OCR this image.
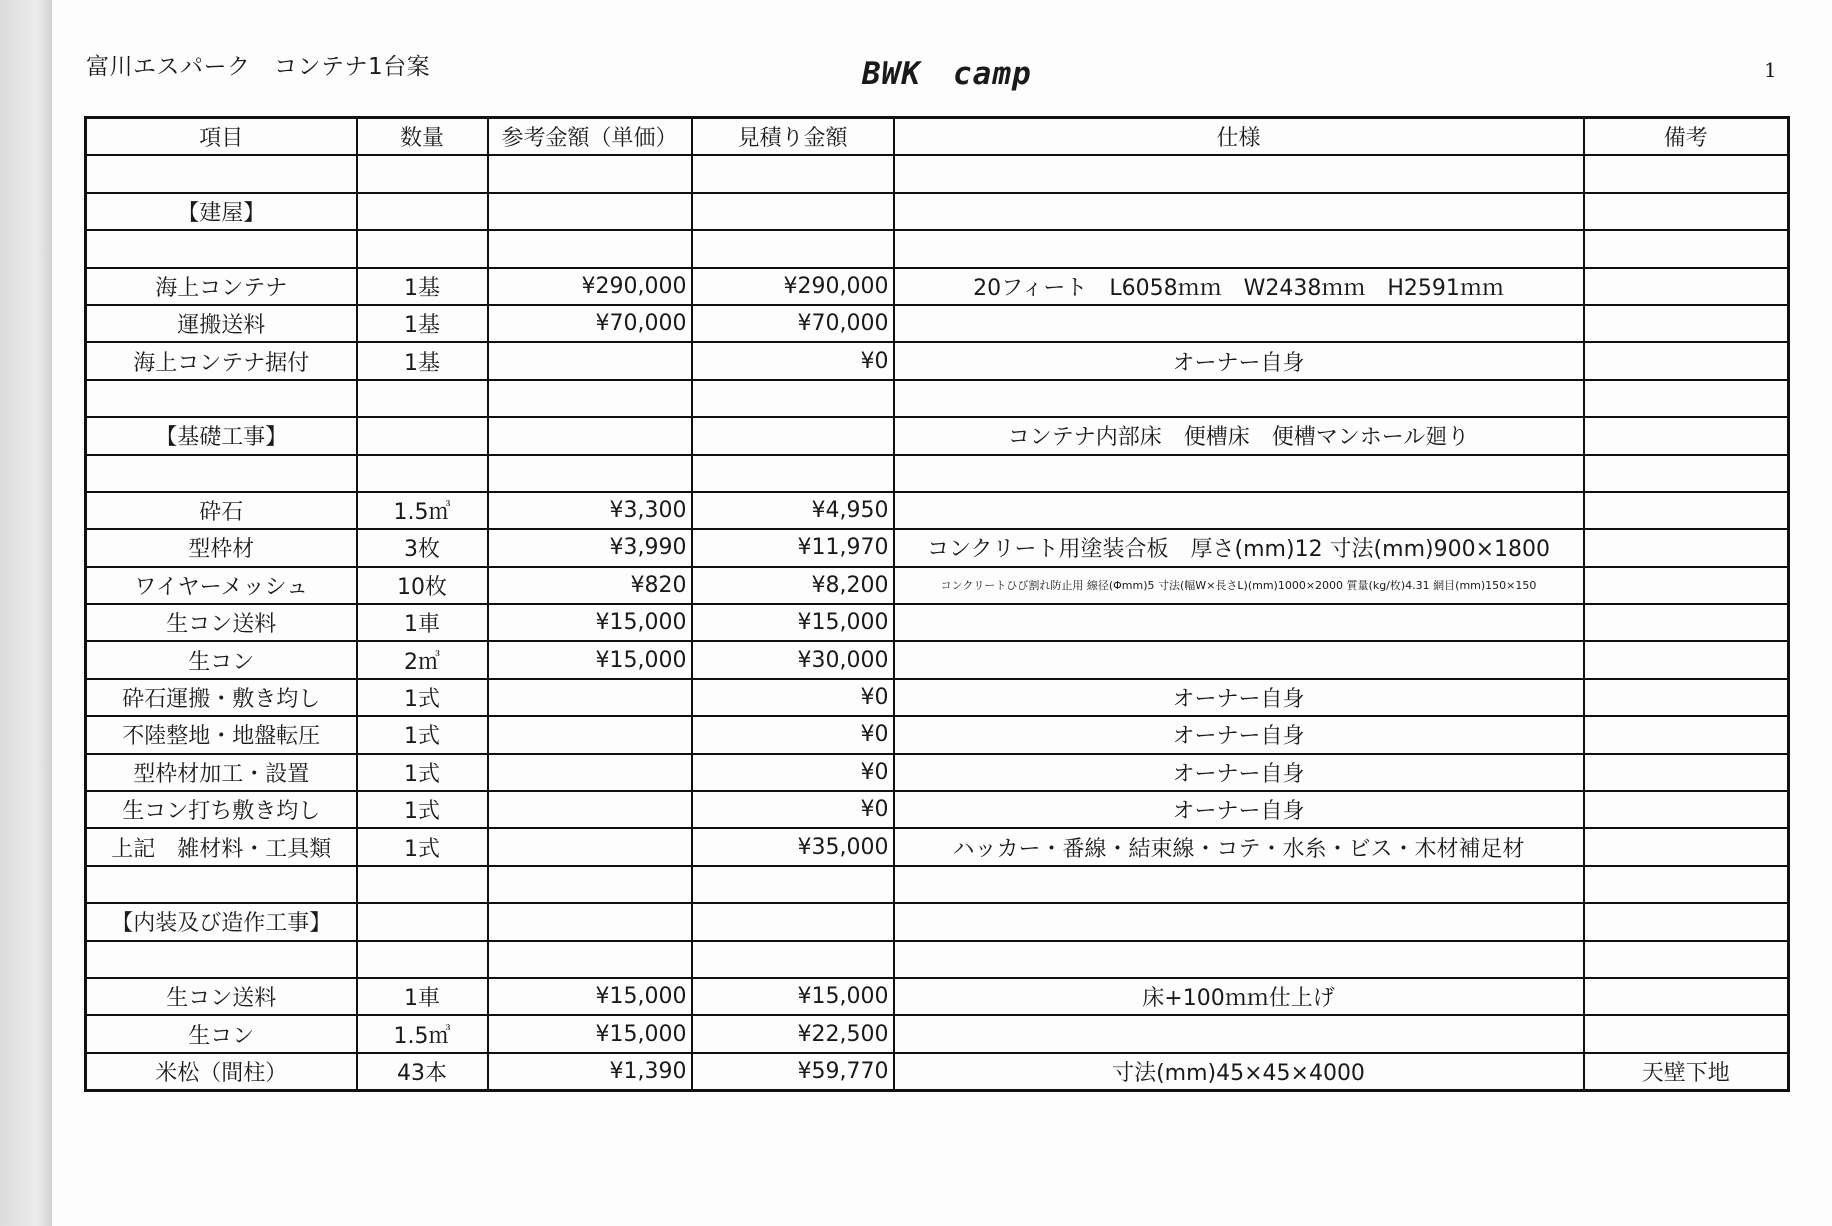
富川エスパーク　コンテナ1台案	BWK　camp	1
項目	数量	参考金額（単価）	見積り金額	仕様	備考

【建屋】					

海上コンテナ	1基	¥290,000	¥290,000	20フィート　L6058ｍｍ　W2438ｍｍ　H2591ｍｍ	
運搬送料	1基	¥70,000	¥70,000		
海上コンテナ据付	1基		¥0	オーナー自身	

【基礎工事】				コンテナ内部床　便槽床　便槽マンホール廻り	

砕石	1.5㎥	¥3,300	¥4,950		
型枠材	3枚	¥3,990	¥11,970	コンクリート用塗装合板　厚さ(mm)12 寸法(mm)900×1800	
ワイヤーメッシュ	10枚	¥820	¥8,200	コンクリートひび割れ防止用 線径(Φmm)5 寸法(幅W×長さL)(mm)1000×2000 質量(kg/枚)4.31 網目(mm)150×150	
生コン送料	1車	¥15,000	¥15,000		
生コン	2㎥	¥15,000	¥30,000		
砕石運搬・敷き均し	1式		¥0	オーナー自身	
不陸整地・地盤転圧	1式		¥0	オーナー自身	
型枠材加工・設置	1式		¥0	オーナー自身	
生コン打ち敷き均し	1式		¥0	オーナー自身	
上記　雑材料・工具類	1式		¥35,000	ハッカー・番線・結束線・コテ・水糸・ビス・木材補足材	

【内装及び造作工事】					

生コン送料	1車	¥15,000	¥15,000	床+100ｍｍ仕上げ	
生コン	1.5㎥	¥15,000	¥22,500		
米松（間柱）	43本	¥1,390	¥59,770	寸法(mm)45×45×4000	天壁下地
